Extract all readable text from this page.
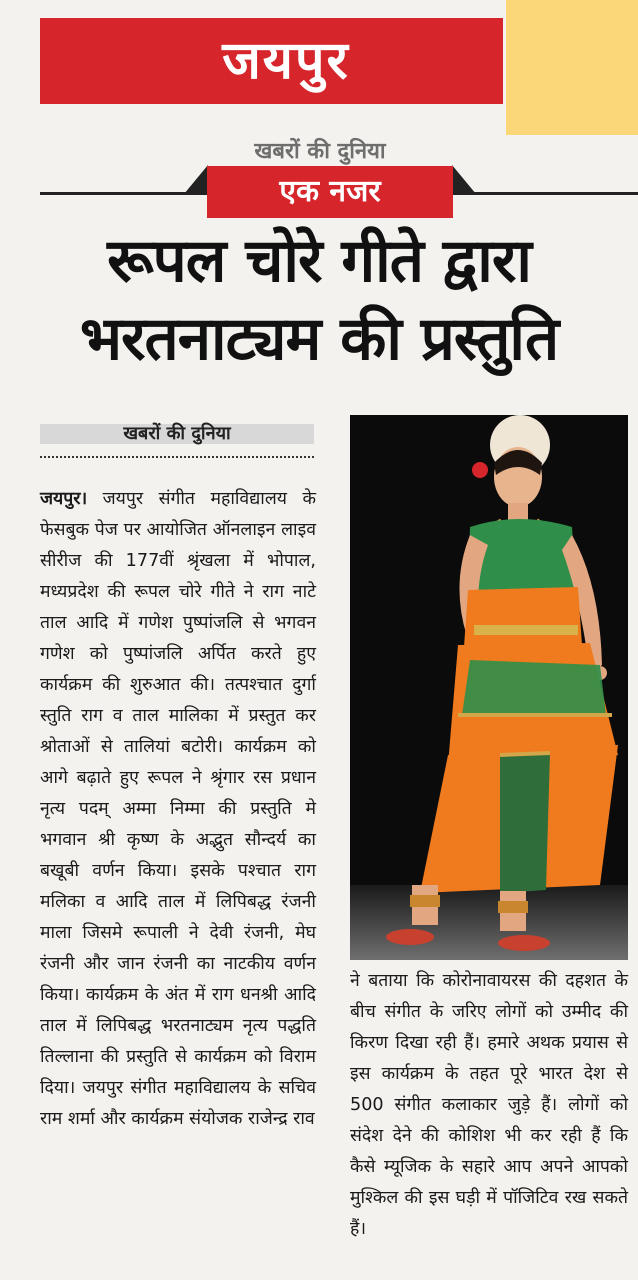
जयपुर
खबरों की दुनिया
एक नजर
रूपल चोरे गीते द्वारा
भरतनाट्यम की प्रस्तुति
खबरों की दुनिया

जयपुर। जयपुर संगीत महाविद्यालय के फेसबुक पेज पर आयोजित ऑनलाइन लाइव सीरीज की 177वीं श्रृंखला में भोपाल, मध्यप्रदेश की रूपल चोरे गीते ने राग नाटे ताल आदि में गणेश पुष्पांजलि से भगवन गणेश को पुष्पांजलि अर्पित करते हुए कार्यक्रम की शुरुआत की। तत्पश्चात दुर्गा स्तुति राग व ताल मालिका में प्रस्तुत कर श्रोताओं से तालियां बटोरी। कार्यक्रम को आगे बढ़ाते हुए रूपल ने श्रृंगार रस प्रधान नृत्य पदम् अम्मा निम्मा की प्रस्तुति मे भगवान श्री कृष्ण के अद्भुत सौन्दर्य का बखूबी वर्णन किया। इसके पश्चात राग मलिका व आदि ताल में लिपिबद्ध रंजनी माला जिसमे रूपाली ने देवी रंजनी, मेघ रंजनी और जान रंजनी का नाटकीय वर्णन किया। कार्यक्रम के अंत में राग धनश्री आदि ताल में लिपिबद्ध भरतनाट्यम नृत्य पद्धति तिल्लाना की प्रस्तुति से कार्यक्रम को विराम दिया। जयपुर संगीत महाविद्यालय के सचिव राम शर्मा और कार्यक्रम संयोजक राजेन्द्र राव

ने बताया कि कोरोनावायरस की दहशत के बीच संगीत के जरिए लोगों को उम्मीद की किरण दिखा रही हैं। हमारे अथक प्रयास से इस कार्यक्रम के तहत पूरे भारत देश से 500 संगीत कलाकार जुड़े हैं। लोगों को संदेश देने की कोशिश भी कर रही हैं कि कैसे म्यूजिक के सहारे आप अपने आपको मुश्किल की इस घड़ी में पॉजिटिव रख सकते हैं।
